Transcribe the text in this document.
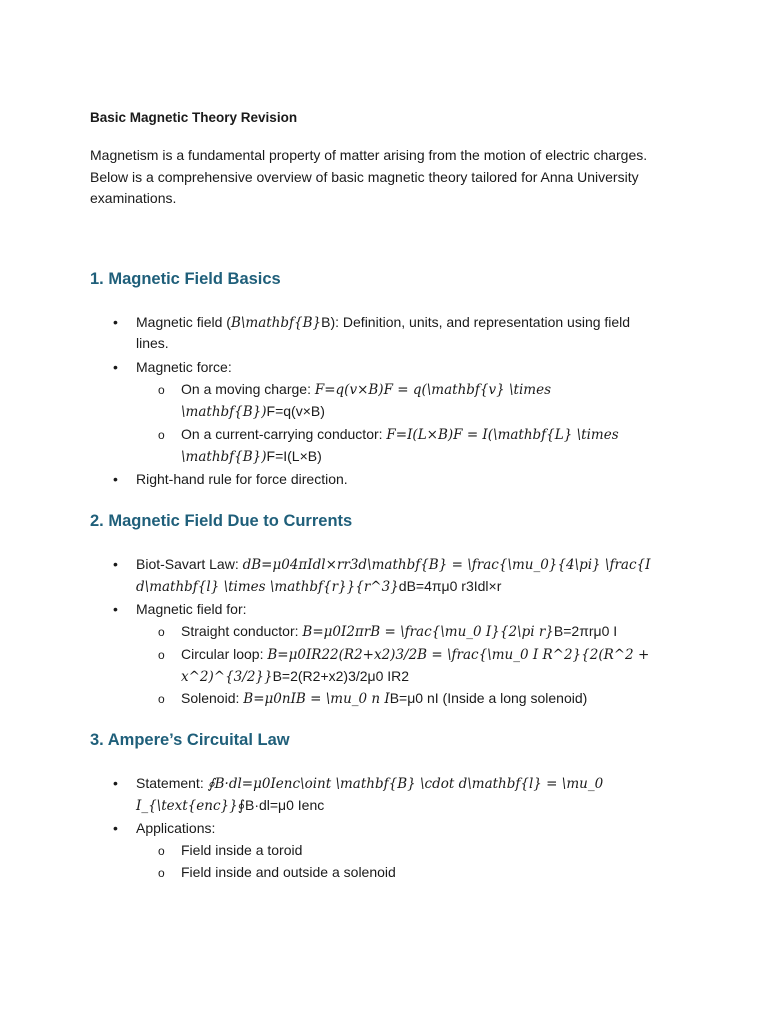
Basic Magnetic Theory Revision
Magnetism is a fundamental property of matter arising from the motion of electric charges.
Below is a comprehensive overview of basic magnetic theory tailored for Anna University
examinations.
1. Magnetic Field Basics
• Magnetic field (B\mathbf{B}B): Definition, units, and representation using field
lines.
• Magnetic force:
o On a moving charge: F=q(v×B)F = q(\mathbf{v} \times
\mathbf{B})F=q(v×B)
o On a current-carrying conductor: F=I(L×B)F = I(\mathbf{L} \times
\mathbf{B})F=I(L×B)
• Right-hand rule for force direction.
2. Magnetic Field Due to Currents
• Biot-Savart Law: dB=μ04πIdl×rr3d\mathbf{B} = \frac{\mu_0}{4\pi} \frac{I
d\mathbf{l} \times \mathbf{r}}{r^3}dB=4πμ0 r3Idl×r
• Magnetic field for:
o Straight conductor: B=μ0I2πrB = \frac{\mu_0 I}{2\pi r}B=2πrμ0 I
o Circular loop: B=μ0IR22(R2+x2)3/2B = \frac{\mu_0 I R^2}{2(R^2 +
x^2)^{3/2}}B=2(R2+x2)3/2μ0 IR2
o Solenoid: B=μ0nIB = \mu_0 n IB=μ0 nI (Inside a long solenoid)
3. Ampere’s Circuital Law
• Statement: ∮B·dl=μ0Ienc\oint \mathbf{B} \cdot d\mathbf{l} = \mu_0
I_{\text{enc}}∮B·dl=μ0 Ienc
• Applications:
o Field inside a toroid
o Field inside and outside a solenoid
